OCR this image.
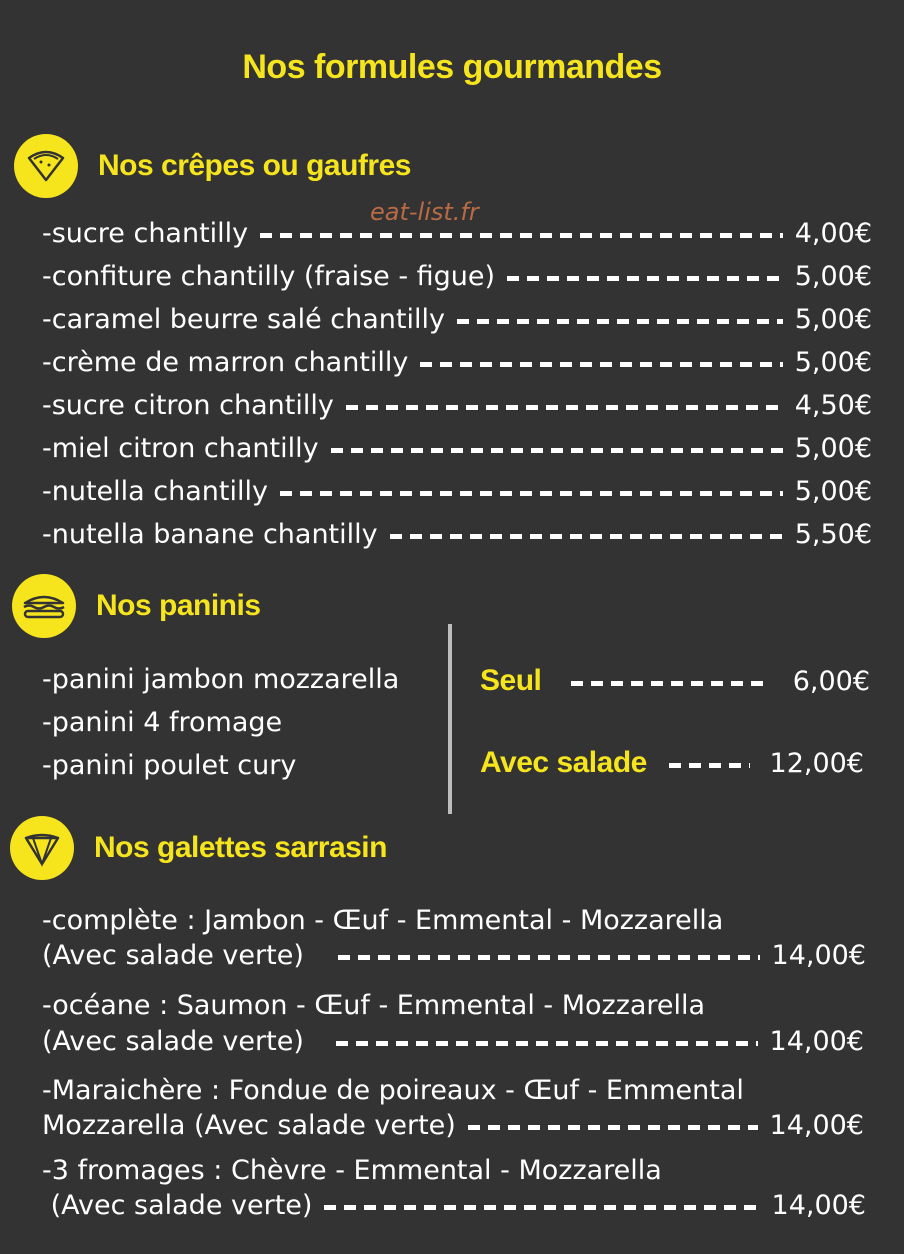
Nos formules gourmandes
Nos crêpes ou gaufres
eat-list.fr
-sucre chantilly	4,00€
-confiture chantilly (fraise - figue)	5,00€
-caramel beurre salé chantilly	5,00€
-crème de marron chantilly	5,00€
-sucre citron chantilly	4,50€
-miel citron chantilly	5,00€
-nutella chantilly	5,00€
-nutella banane chantilly	5,50€
Nos paninis
-panini jambon mozzarella
-panini 4 fromage
-panini poulet cury
Seul	6,00€
Avec salade	12,00€
Nos galettes sarrasin
-complète : Jambon - Œuf - Emmental - Mozzarella
(Avec salade verte)	14,00€
-océane : Saumon - Œuf - Emmental - Mozzarella
(Avec salade verte)	14,00€
-Maraichère : Fondue de poireaux - Œuf - Emmental
Mozzarella (Avec salade verte)	14,00€
-3 fromages : Chèvre - Emmental - Mozzarella
(Avec salade verte)	14,00€
